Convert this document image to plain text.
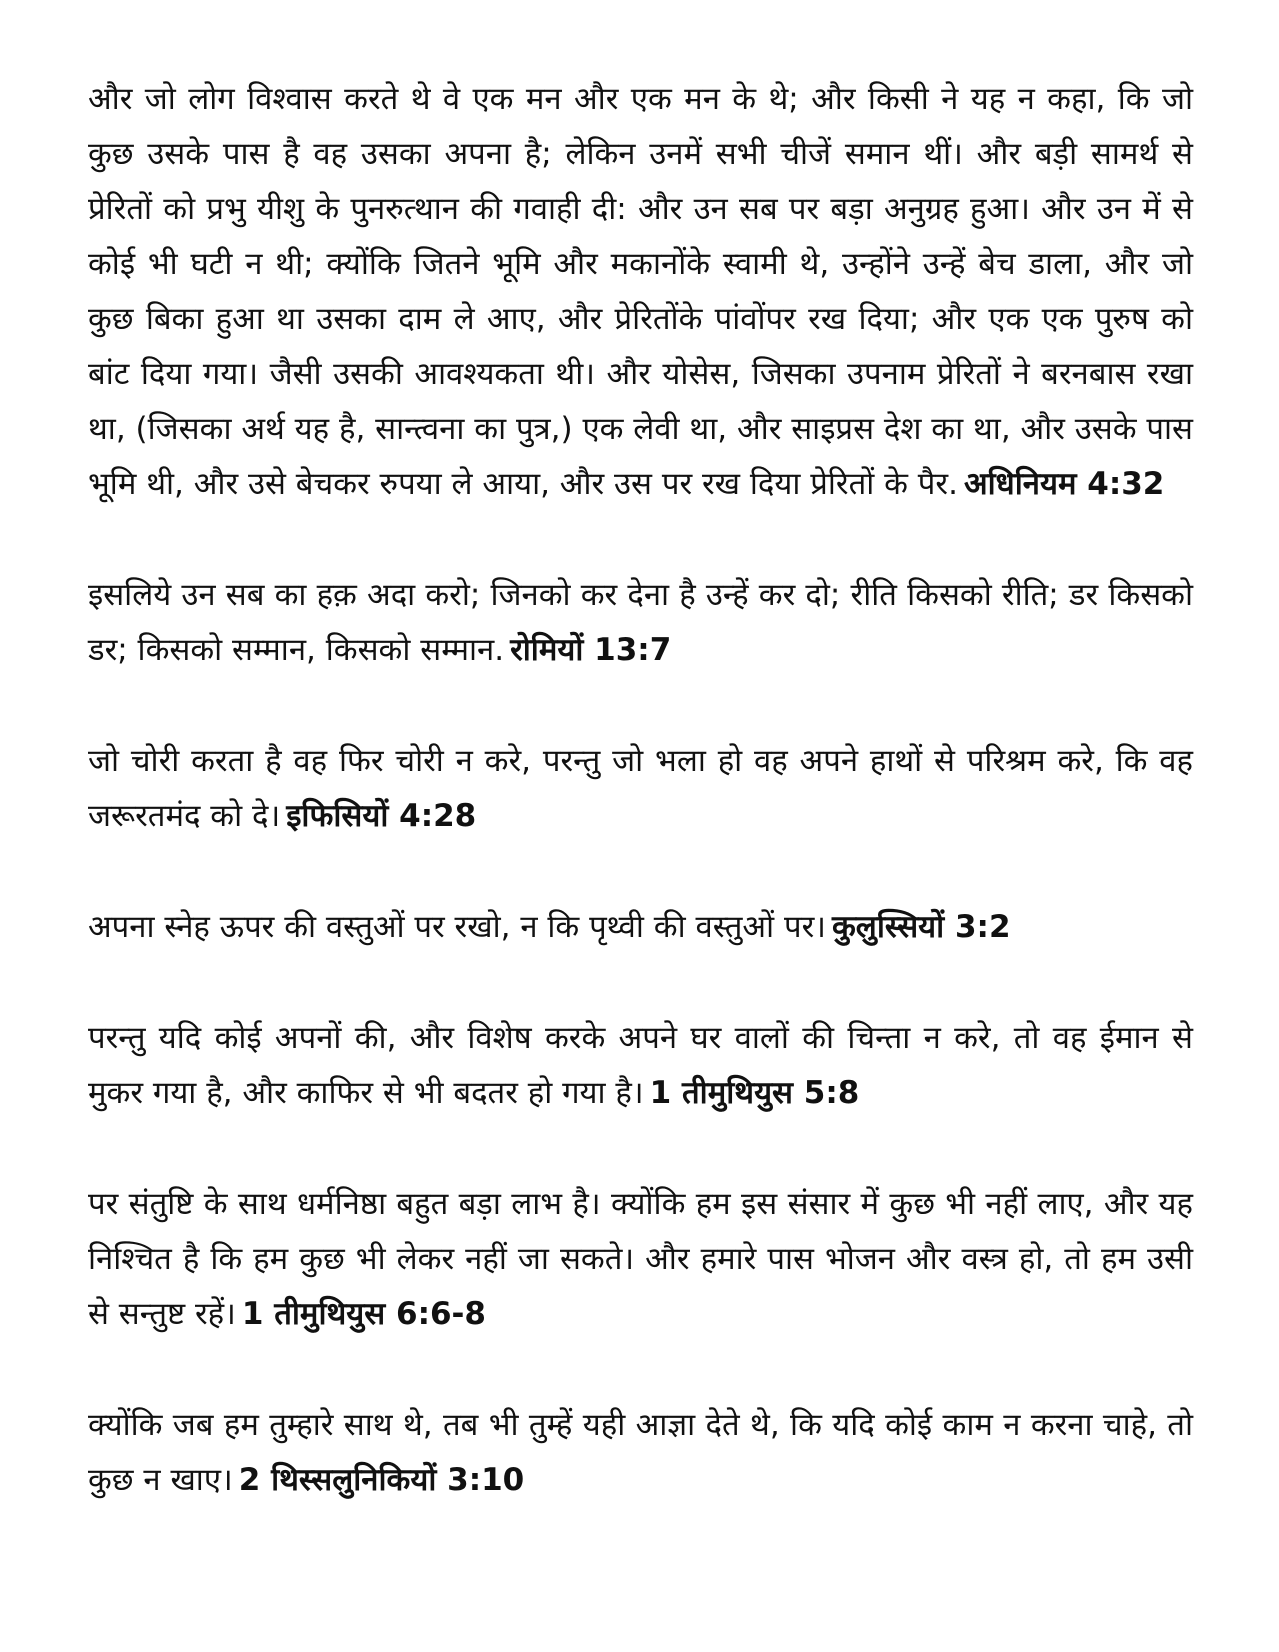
और जो लोग विश्वास करते थे वे एक मन और एक मन के थे; और किसी ने यह न कहा, कि जो कुछ उसके पास है वह उसका अपना है; लेकिन उनमें सभी चीजें समान थीं। और बड़ी सामर्थ से प्रेरितों को प्रभु यीशु के पुनरुत्थान की गवाही दी: और उन सब पर बड़ा अनुग्रह हुआ। और उन में से कोई भी घटी न थी; क्योंकि जितने भूमि और मकानोंके स्वामी थे, उन्होंने उन्हें बेच डाला, और जो कुछ बिका हुआ था उसका दाम ले आए, और प्रेरितोंके पांवोंपर रख दिया; और एक एक पुरुष को बांट दिया गया। जैसी उसकी आवश्यकता थी। और योसेस, जिसका उपनाम प्रेरितों ने बरनबास रखा था, (जिसका अर्थ यह है, सान्त्वना का पुत्र,) एक लेवी था, और साइप्रस देश का था, और उसके पास भूमि थी, और उसे बेचकर रुपया ले आया, और उस पर रख दिया प्रेरितों के पैर. अधिनियम 4:32

इसलिये उन सब का हक़ अदा करो; जिनको कर देना है उन्हें कर दो; रीति किसको रीति; डर किसको डर; किसको सम्मान, किसको सम्मान. रोमियों 13:7

जो चोरी करता है वह फिर चोरी न करे, परन्तु जो भला हो वह अपने हाथों से परिश्रम करे, कि वह जरूरतमंद को दे। इफिसियों 4:28

अपना स्नेह ऊपर की वस्तुओं पर रखो, न कि पृथ्वी की वस्तुओं पर। कुलुस्सियों 3:2

परन्तु यदि कोई अपनों की, और विशेष करके अपने घर वालों की चिन्ता न करे, तो वह ईमान से मुकर गया है, और काफिर से भी बदतर हो गया है। 1 तीमुथियुस 5:8

पर संतुष्टि के साथ धर्मनिष्ठा बहुत बड़ा लाभ है। क्योंकि हम इस संसार में कुछ भी नहीं लाए, और यह निश्चित है कि हम कुछ भी लेकर नहीं जा सकते। और हमारे पास भोजन और वस्त्र हो, तो हम उसी से सन्तुष्ट रहें। 1 तीमुथियुस 6:6-8

क्योंकि जब हम तुम्हारे साथ थे, तब भी तुम्हें यही आज्ञा देते थे, कि यदि कोई काम न करना चाहे, तो कुछ न खाए। 2 थिस्सलुनिकियों 3:10
